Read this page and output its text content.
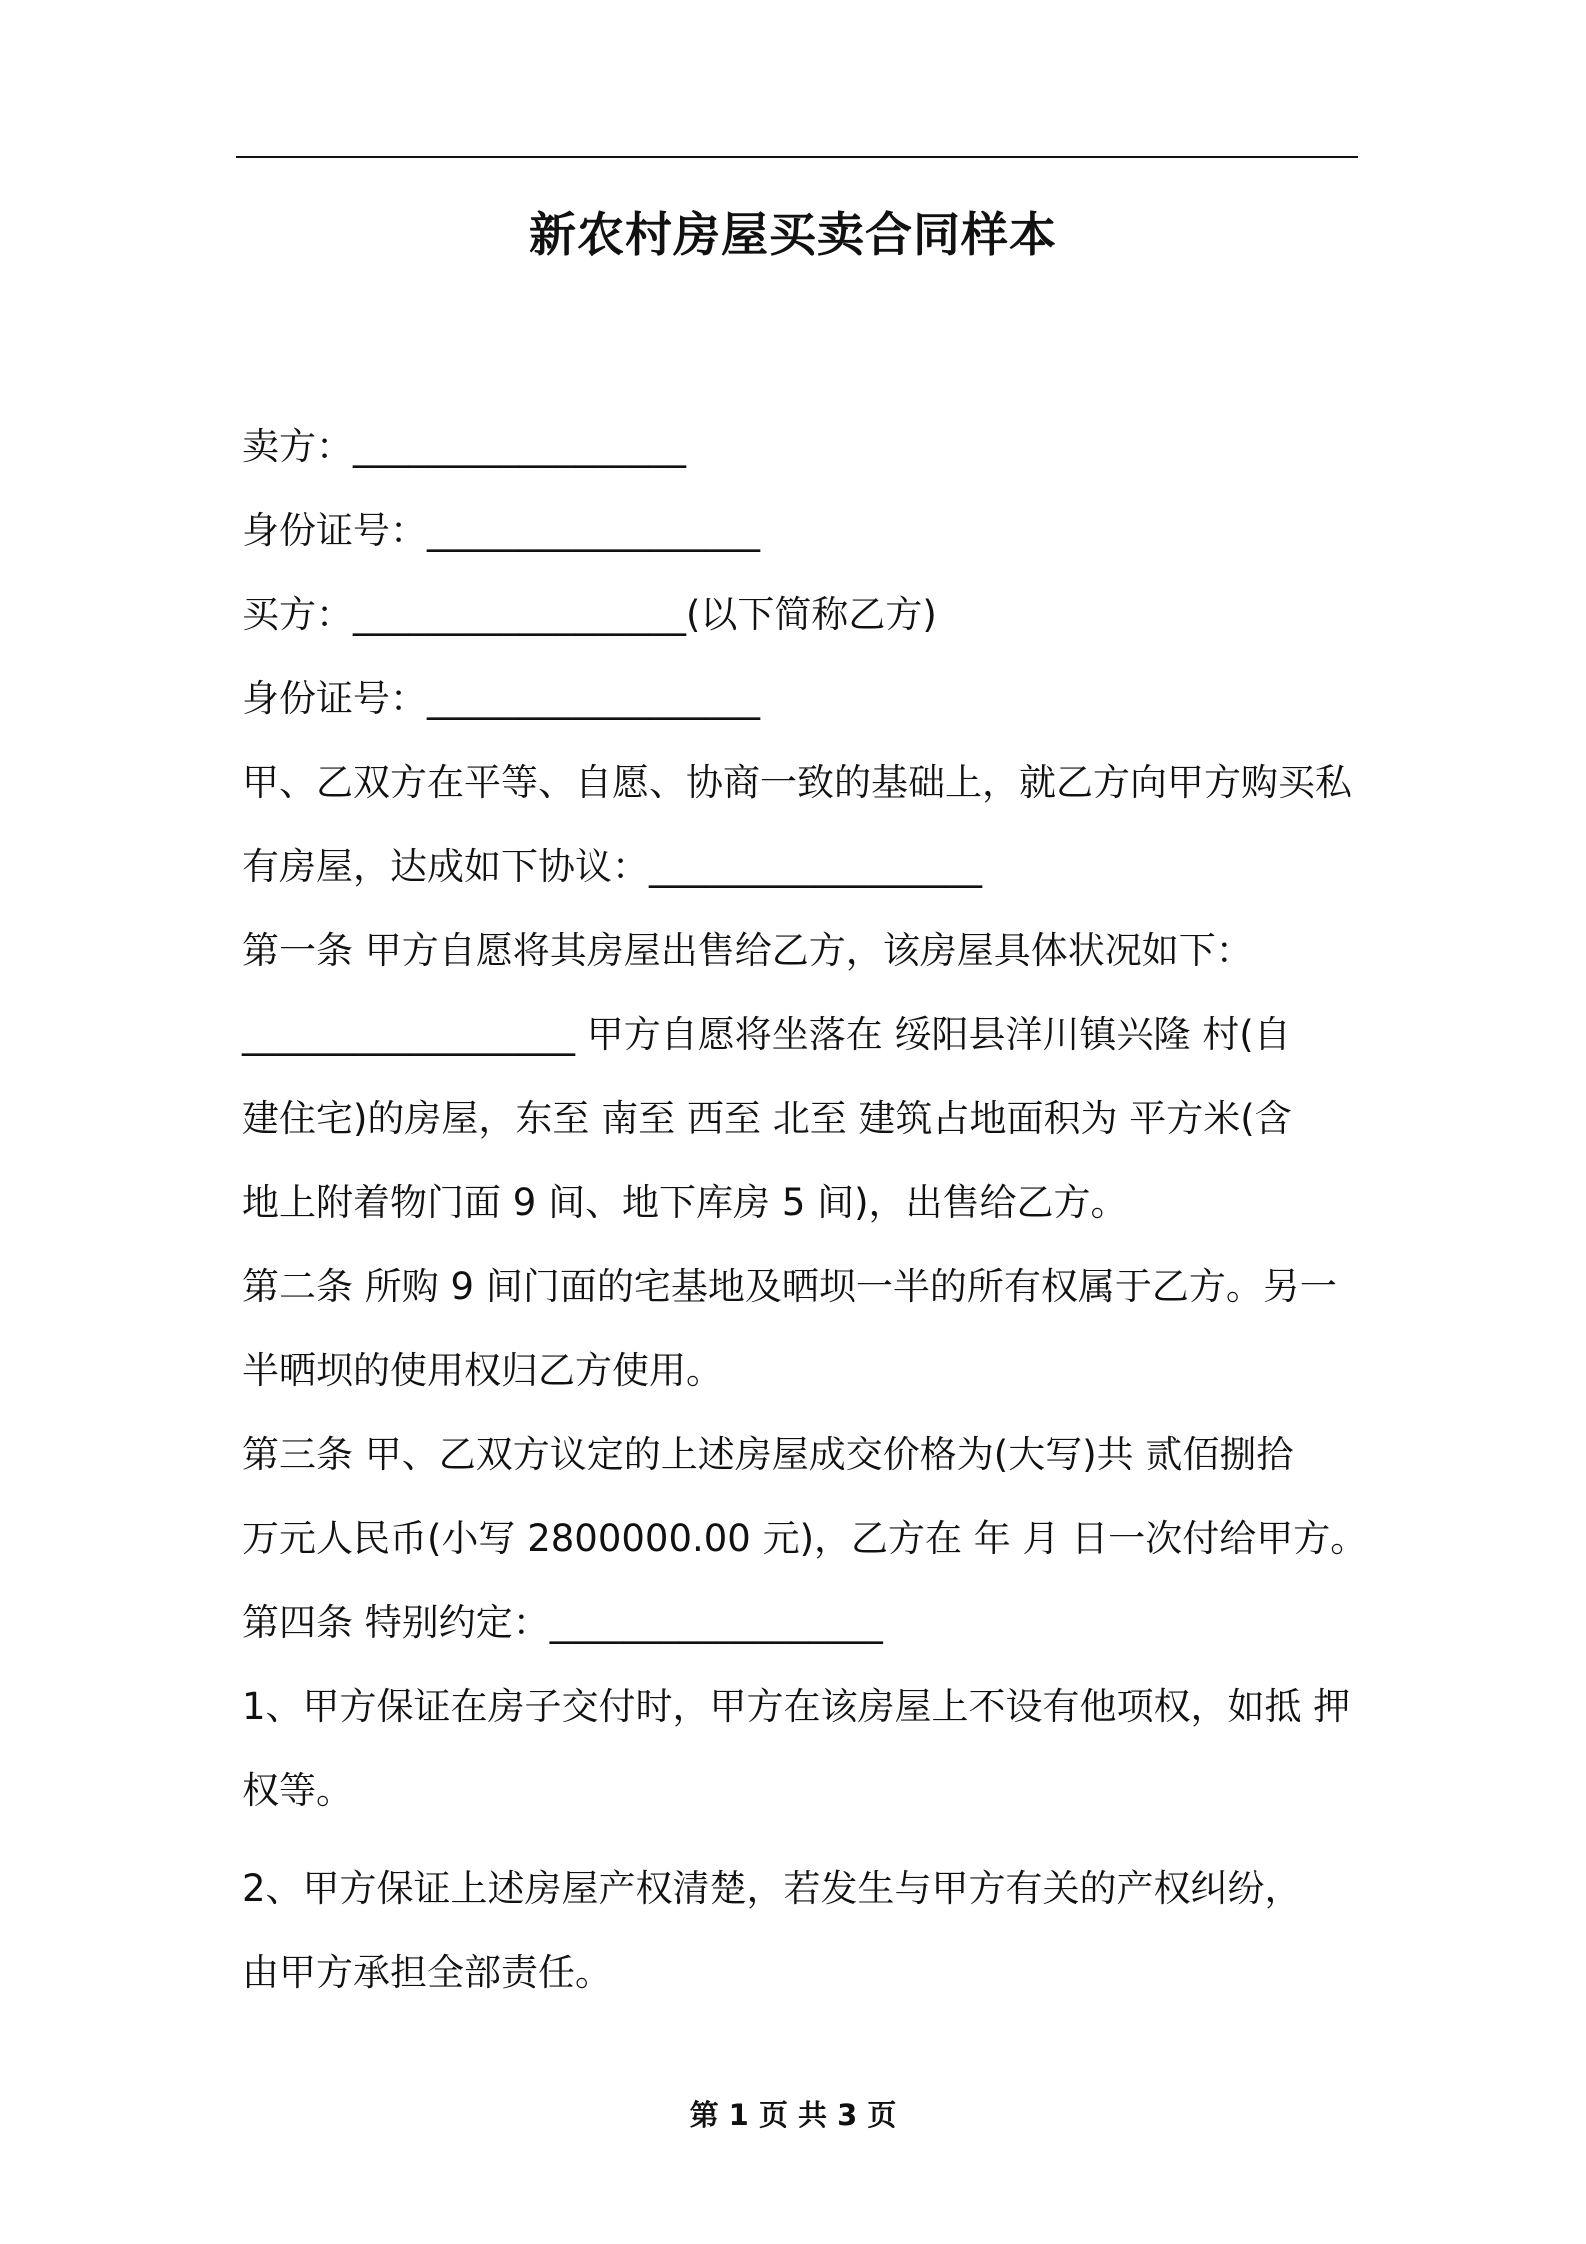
新农村房屋买卖合同样本

卖方：__________________

身份证号：__________________

买方：__________________(以下简称乙方)

身份证号：__________________

甲、乙双方在平等、自愿、协商一致的基础上，就乙方向甲方购买私

有房屋，达成如下协议：__________________

第一条 甲方自愿将其房屋出售给乙方，该房屋具体状况如下：

__________________ 甲方自愿将坐落在 绥阳县洋川镇兴隆 村(自

建住宅)的房屋，东至 南至 西至 北至 建筑占地面积为 平方米(含

地上附着物门面 9 间、地下库房 5 间)，出售给乙方。

第二条 所购 9 间门面的宅基地及晒坝一半的所有权属于乙方。另一

半晒坝的使用权归乙方使用。

第三条 甲、乙双方议定的上述房屋成交价格为(大写)共 贰佰捌拾

万元人民币(小写 2800000.00 元)，乙方在 年 月 日一次付给甲方。

第四条 特别约定：__________________

1、甲方保证在房子交付时，甲方在该房屋上不设有他项权，如抵 押

权等。

2、甲方保证上述房屋产权清楚，若发生与甲方有关的产权纠纷，

由甲方承担全部责任。

第 1 页 共 3 页
